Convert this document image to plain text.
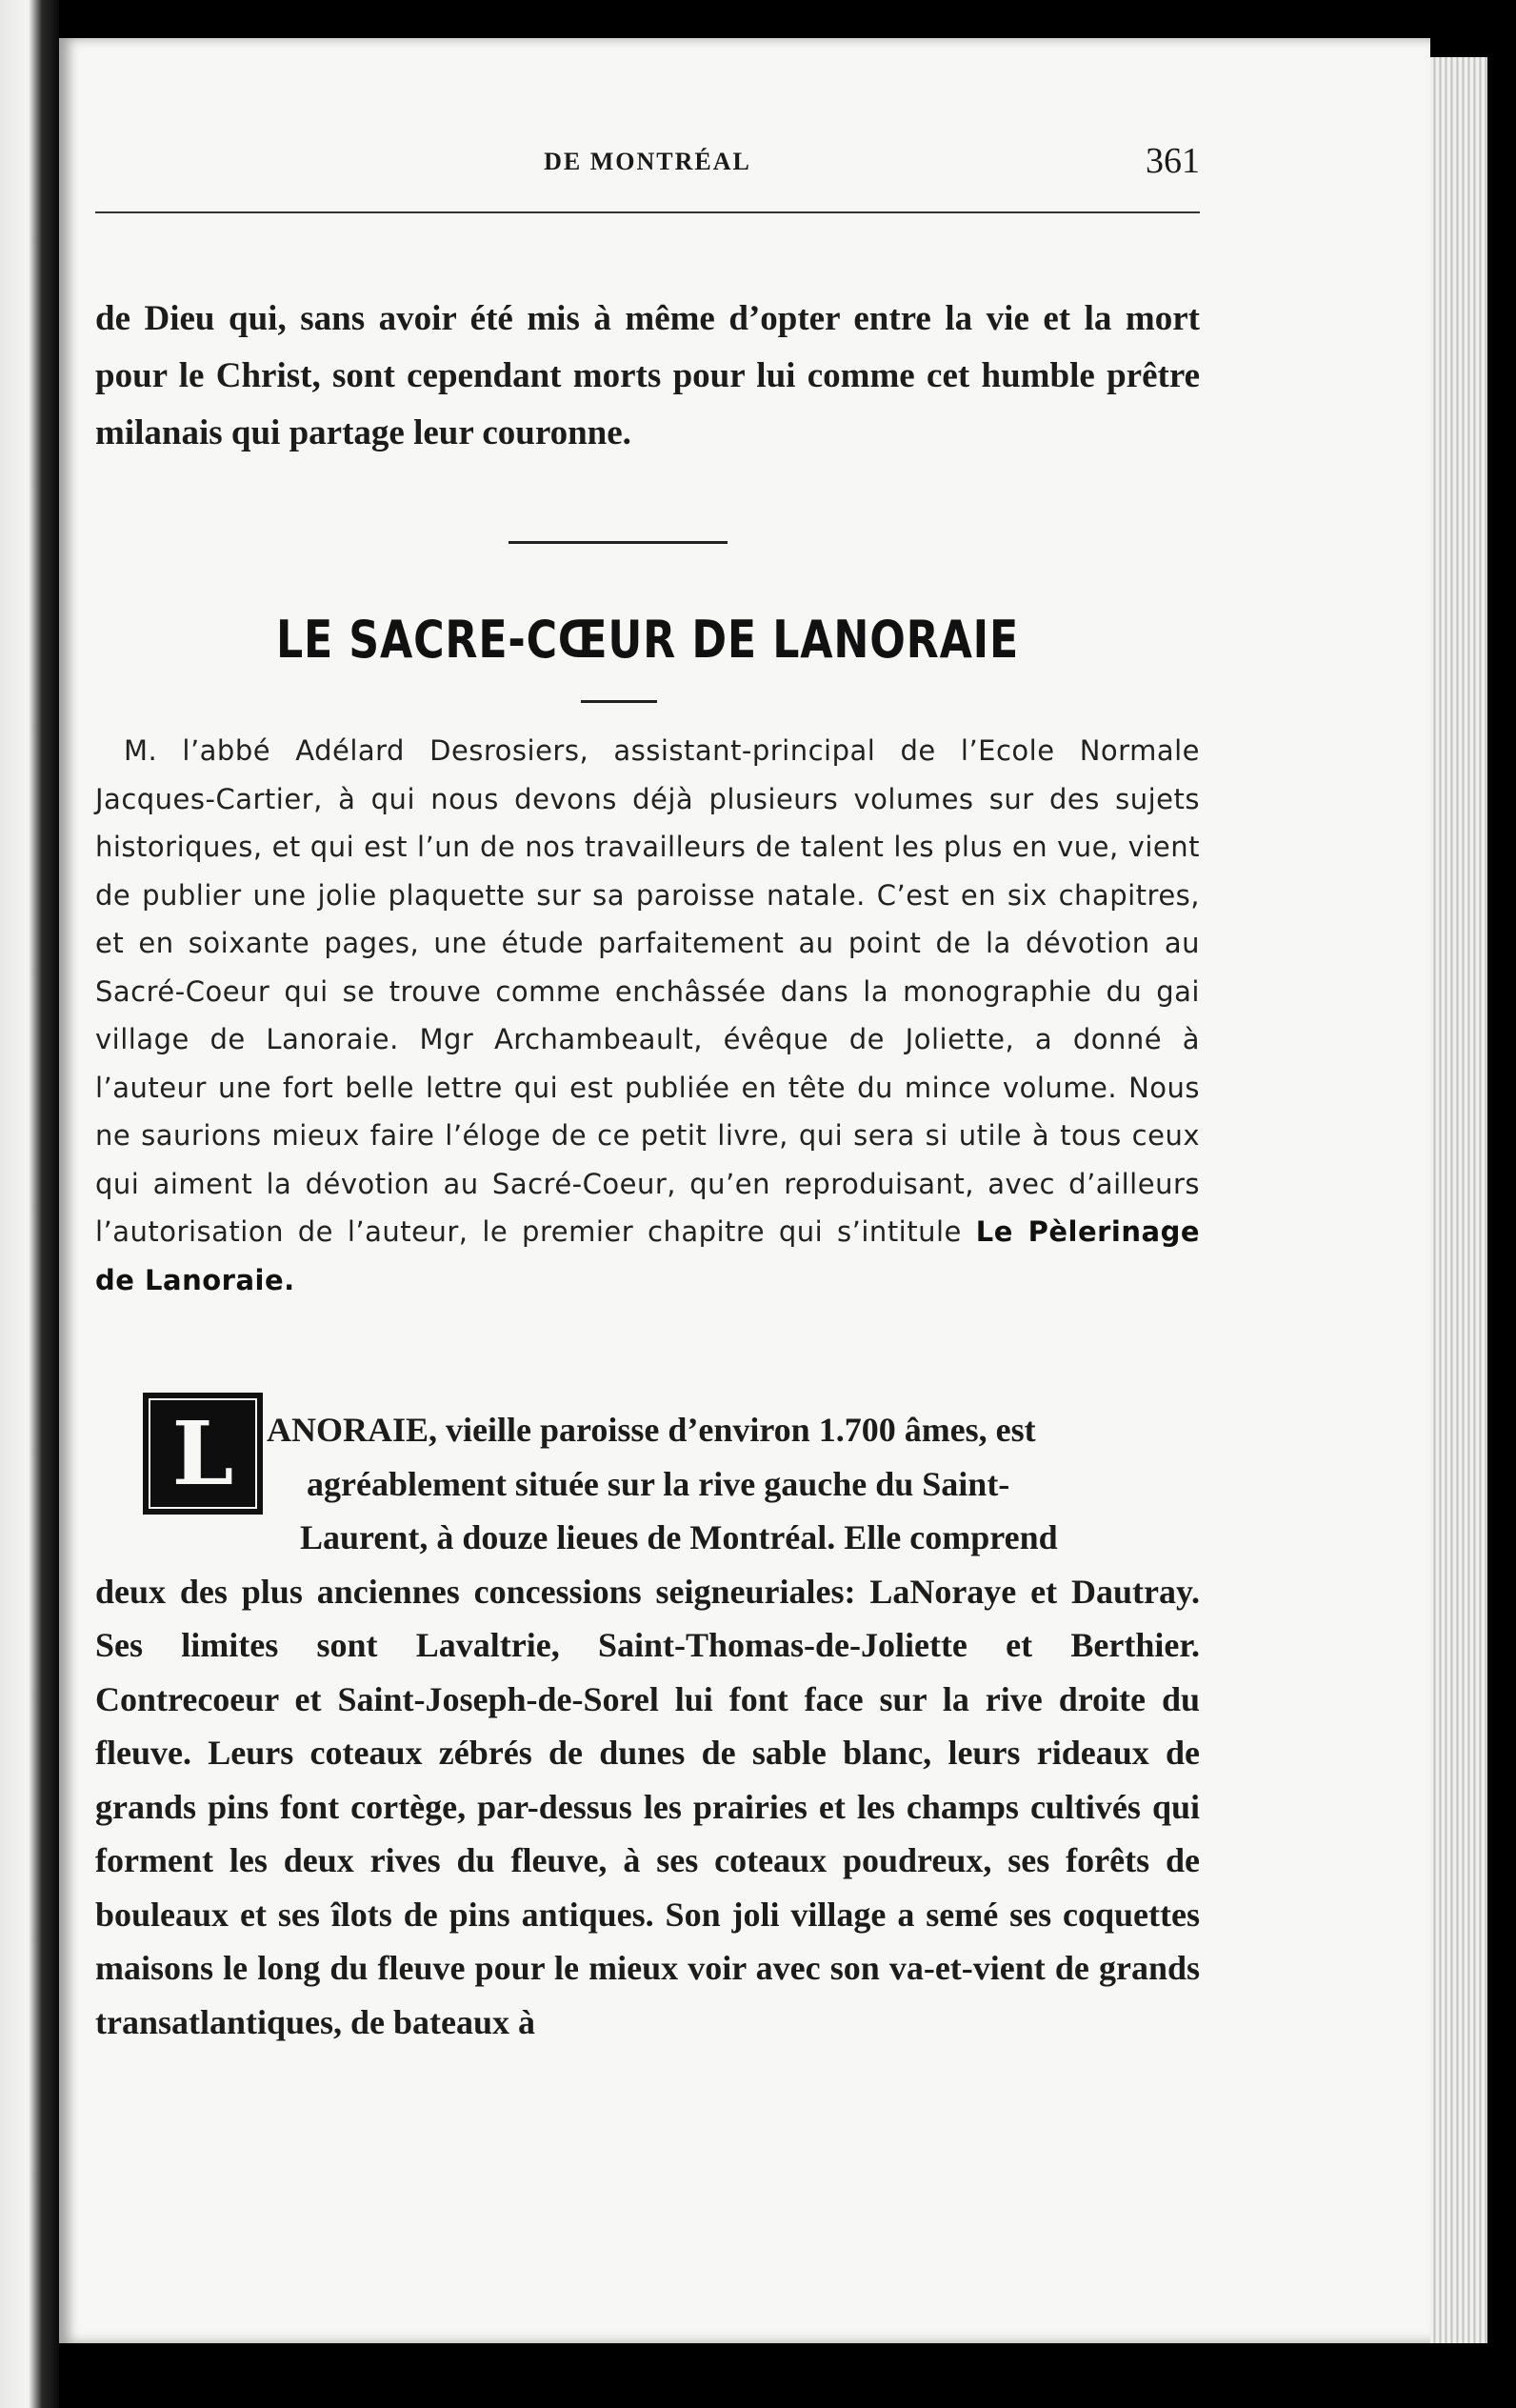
DE MONTRÉAL	361
de Dieu qui, sans avoir été mis à même d’opter entre la vie et la mort pour le Christ, sont cependant morts pour lui comme cet humble prêtre milanais qui partage leur couronne.
LE SACRE-CŒUR DE LANORAIE
M. l’abbé Adélard Desrosiers, assistant-principal de l’Ecole Normale Jacques-Cartier, à qui nous devons déjà plusieurs volumes sur des sujets historiques, et qui est l’un de nos travailleurs de talent les plus en vue, vient de publier une jolie plaquette sur sa paroisse natale. C’est en six chapitres, et en soixante pages, une étude parfaitement au point de la dévotion au Sacré-Coeur qui se trouve comme enchâssée dans la monographie du gai village de Lanoraie. Mgr Archambeault, évêque de Joliette, a donné à l’auteur une fort belle lettre qui est publiée en tête du mince volume. Nous ne saurions mieux faire l’éloge de ce petit livre, qui sera si utile à tous ceux qui aiment la dévotion au Sacré-Coeur, qu’en reproduisant, avec d’ailleurs l’autorisation de l’auteur, le premier chapitre qui s’intitule Le Pèlerinage de Lanoraie.
L ANORAIE, vieille paroisse d’environ 1.700 âmes, est
agréablement située sur la rive gauche du Saint-
Laurent, à douze lieues de Montréal. Elle comprend
deux des plus anciennes concessions seigneuriales: LaNoraye et Dautray. Ses limites sont Lavaltrie, Saint-Thomas-de-Joliette et Berthier. Contrecoeur et Saint-Joseph-de-Sorel lui font face sur la rive droite du fleuve. Leurs coteaux zébrés de dunes de sable blanc, leurs rideaux de grands pins font cortège, par-dessus les prairies et les champs cultivés qui forment les deux rives du fleuve, à ses coteaux poudreux, ses forêts de bouleaux et ses îlots de pins antiques. Son joli village a semé ses coquettes maisons le long du fleuve pour le mieux voir avec son va-et-vient de grands transatlantiques, de bateaux à
